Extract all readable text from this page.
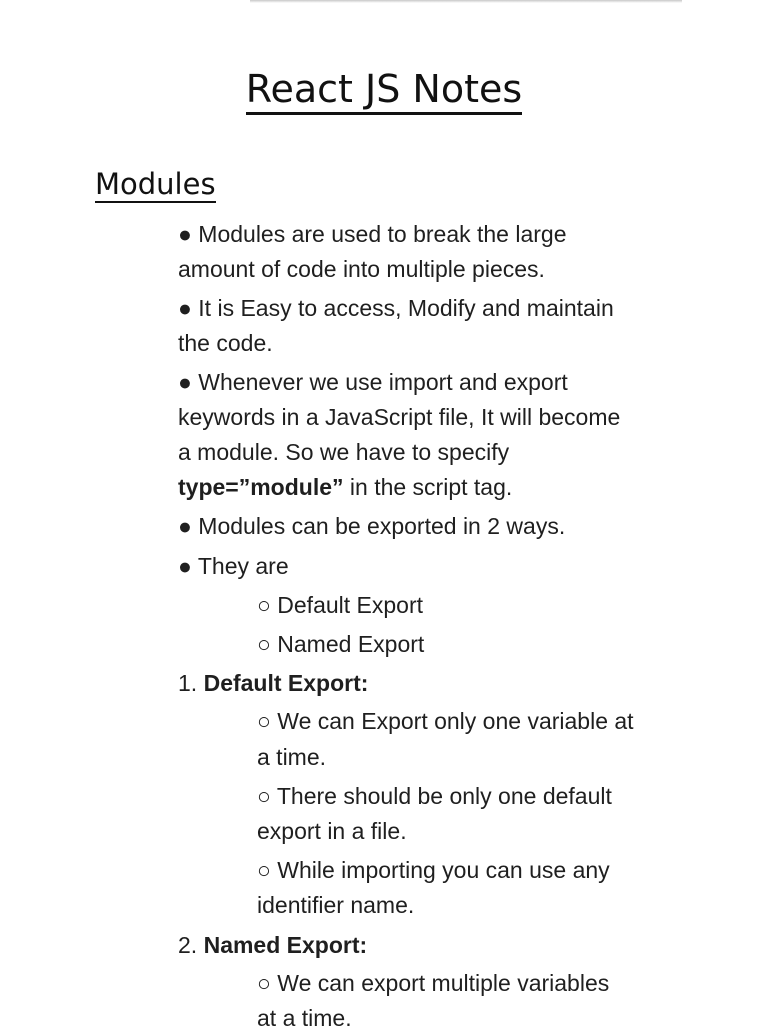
React JS Notes
Modules
● Modules are used to break the large
amount of code into multiple pieces.
● It is Easy to access, Modify and maintain
the code.
● Whenever we use import and export
keywords in a JavaScript file, It will become
a module. So we have to specify
type=”module” in the script tag.
● Modules can be exported in 2 ways.
● They are
○ Default Export
○ Named Export
1. Default Export:
○ We can Export only one variable at
a time.
○ There should be only one default
export in a file.
○ While importing you can use any
identifier name.
2. Named Export:
○ We can export multiple variables
at a time.
